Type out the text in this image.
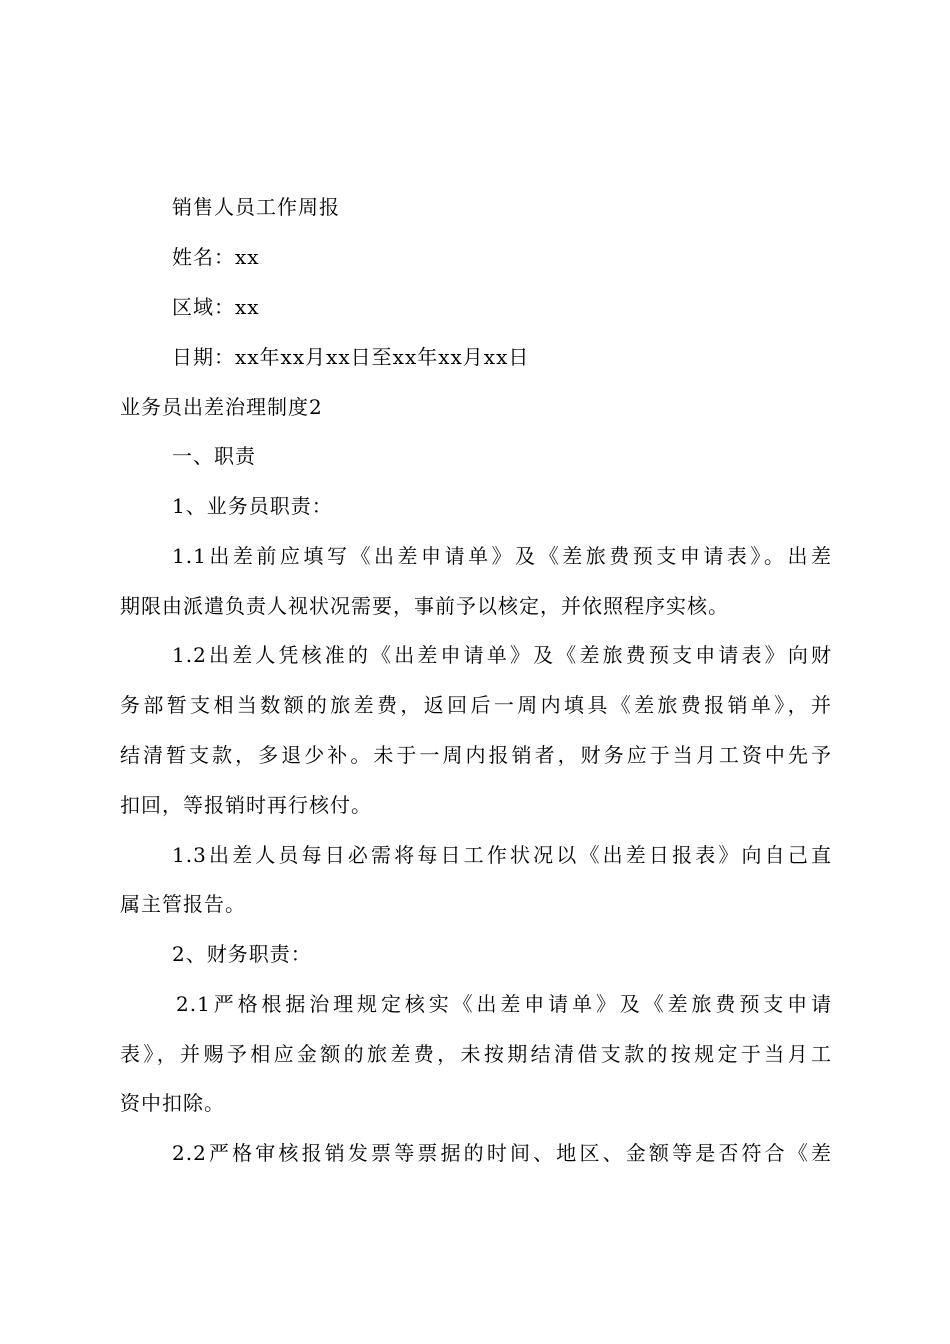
销售人员工作周报

姓名：xx

区域：xx

日期：xx年xx月xx日至xx年xx月xx日

业务员出差治理制度2

一、职责

1、业务员职责：

1.1出差前应填写《出差申请单》及《差旅费预支申请表》。出差

期限由派遣负责人视状况需要，事前予以核定，并依照程序实核。

1.2出差人凭核准的《出差申请单》及《差旅费预支申请表》向财

务部暂支相当数额的旅差费，返回后一周内填具《差旅费报销单》，并

结清暂支款，多退少补。未于一周内报销者，财务应于当月工资中先予

扣回，等报销时再行核付。

1.3出差人员每日必需将每日工作状况以《出差日报表》向自己直

属主管报告。

2、财务职责：

2.1严格根据治理规定核实《出差申请单》及《差旅费预支申请

表》，并赐予相应金额的旅差费，未按期结清借支款的按规定于当月工

资中扣除。

2.2严格审核报销发票等票据的时间、地区、金额等是否符合《差
